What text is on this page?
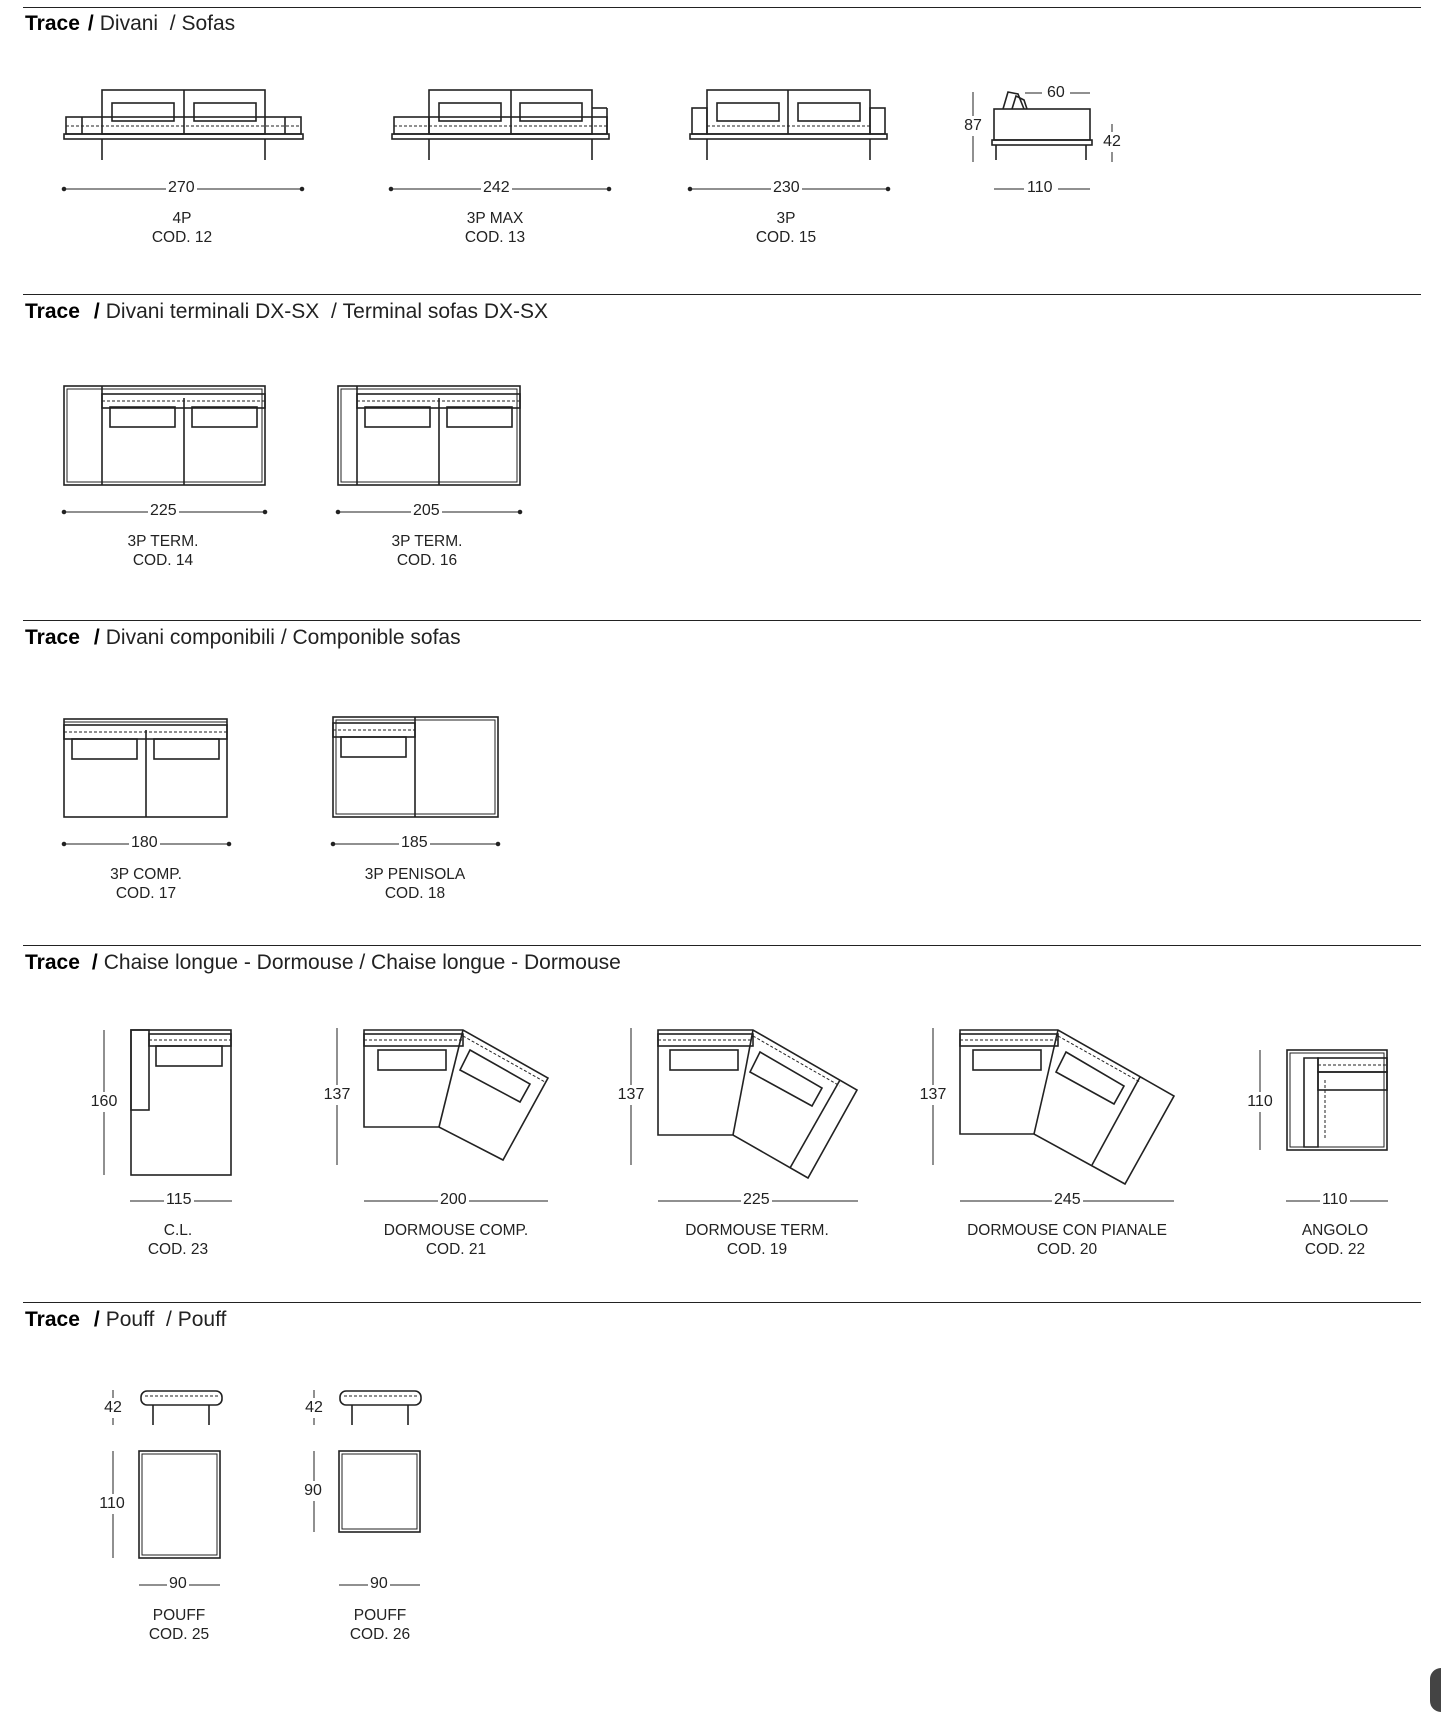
Trace / Divani  / Sofas
270
4P
COD. 12
242
3P MAX
COD. 13
230
3P
COD. 15
60
87
42
110
Trace / Divani terminali DX-SX  / Terminal sofas DX-SX
225
3P TERM.
COD. 14
205
3P TERM.
COD. 16
Trace / Divani componibili / Componible sofas
180
3P COMP.
COD. 17
185
3P PENISOLA
COD. 18
Trace / Chaise longue - Dormouse / Chaise longue - Dormouse
160
115
C.L.
COD. 23
137
200
DORMOUSE COMP.
COD. 21
137
225
DORMOUSE TERM.
COD. 19
137
245
DORMOUSE CON PIANALE
COD. 20
110
110
ANGOLO
COD. 22
Trace / Pouff  / Pouff
42
110
90
POUFF
COD. 25
42
90
90
POUFF
COD. 26
